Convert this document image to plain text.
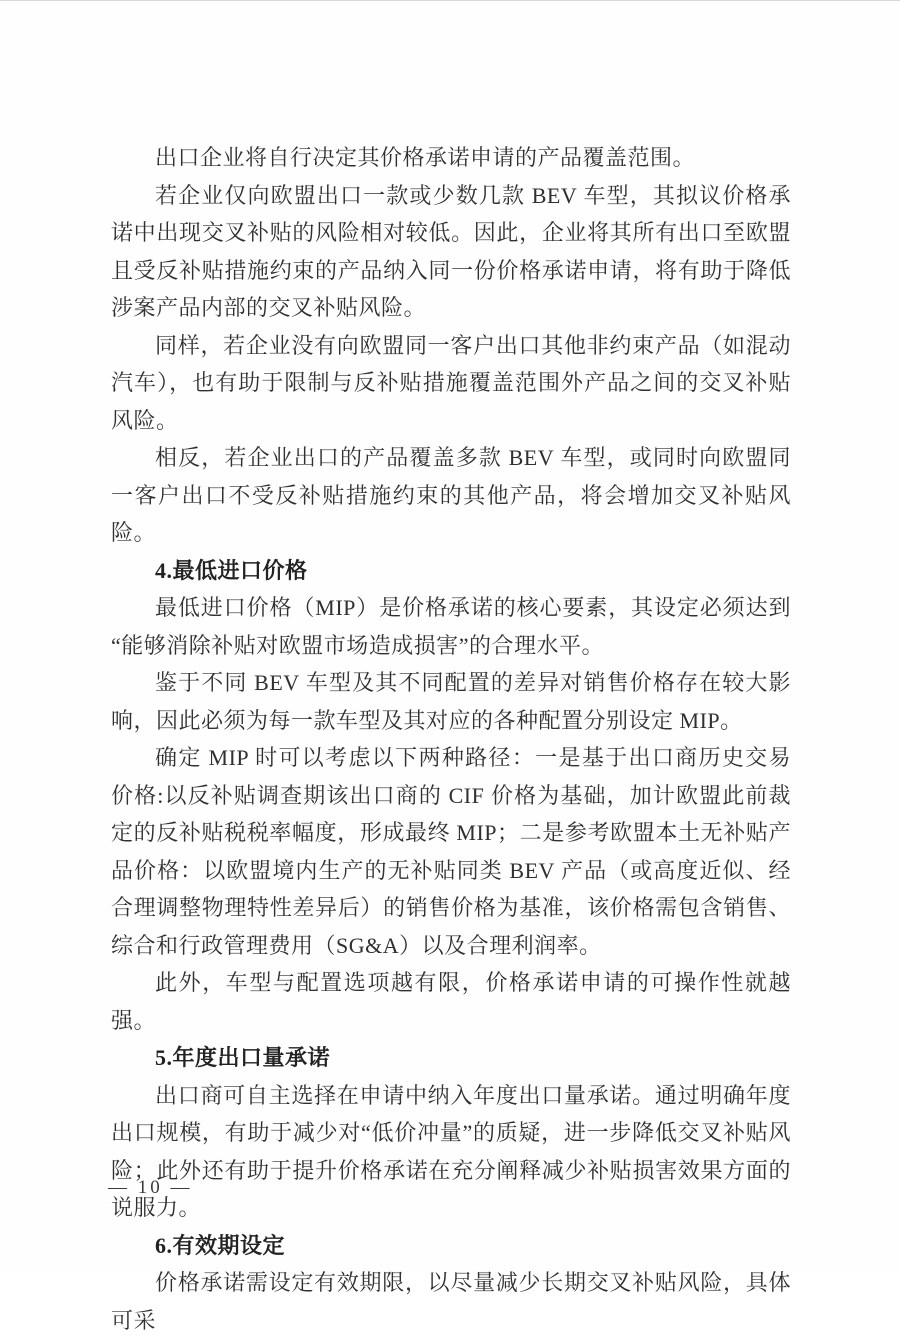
出口企业将自行决定其价格承诺申请的产品覆盖范围。

若企业仅向欧盟出口一款或少数几款 BEV 车型，其拟议价格承诺中出现交叉补贴的风险相对较低。因此，企业将其所有出口至欧盟且受反补贴措施约束的产品纳入同一份价格承诺申请，将有助于降低涉案产品内部的交叉补贴风险。

同样，若企业没有向欧盟同一客户出口其他非约束产品（如混动汽车），也有助于限制与反补贴措施覆盖范围外产品之间的交叉补贴风险。

相反，若企业出口的产品覆盖多款 BEV 车型，或同时向欧盟同一客户出口不受反补贴措施约束的其他产品，将会增加交叉补贴风险。

4.最低进口价格

最低进口价格（MIP）是价格承诺的核心要素，其设定必须达到“能够消除补贴对欧盟市场造成损害”的合理水平。

鉴于不同 BEV 车型及其不同配置的差异对销售价格存在较大影响，因此必须为每一款车型及其对应的各种配置分别设定 MIP。

确定 MIP 时可以考虑以下两种路径：一是基于出口商历史交易价格:以反补贴调查期该出口商的 CIF 价格为基础，加计欧盟此前裁定的反补贴税税率幅度，形成最终 MIP；二是参考欧盟本土无补贴产品价格：以欧盟境内生产的无补贴同类 BEV 产品（或高度近似、经合理调整物理特性差异后）的销售价格为基准，该价格需包含销售、综合和行政管理费用（SG&A）以及合理利润率。

此外，车型与配置选项越有限，价格承诺申请的可操作性就越强。

5.年度出口量承诺

出口商可自主选择在申请中纳入年度出口量承诺。通过明确年度出口规模，有助于减少对“低价冲量”的质疑，进一步降低交叉补贴风险；此外还有助于提升价格承诺在充分阐释减少补贴损害效果方面的说服力。

6.有效期设定

价格承诺需设定有效期限，以尽量减少长期交叉补贴风险，具体可采

— 10 —
